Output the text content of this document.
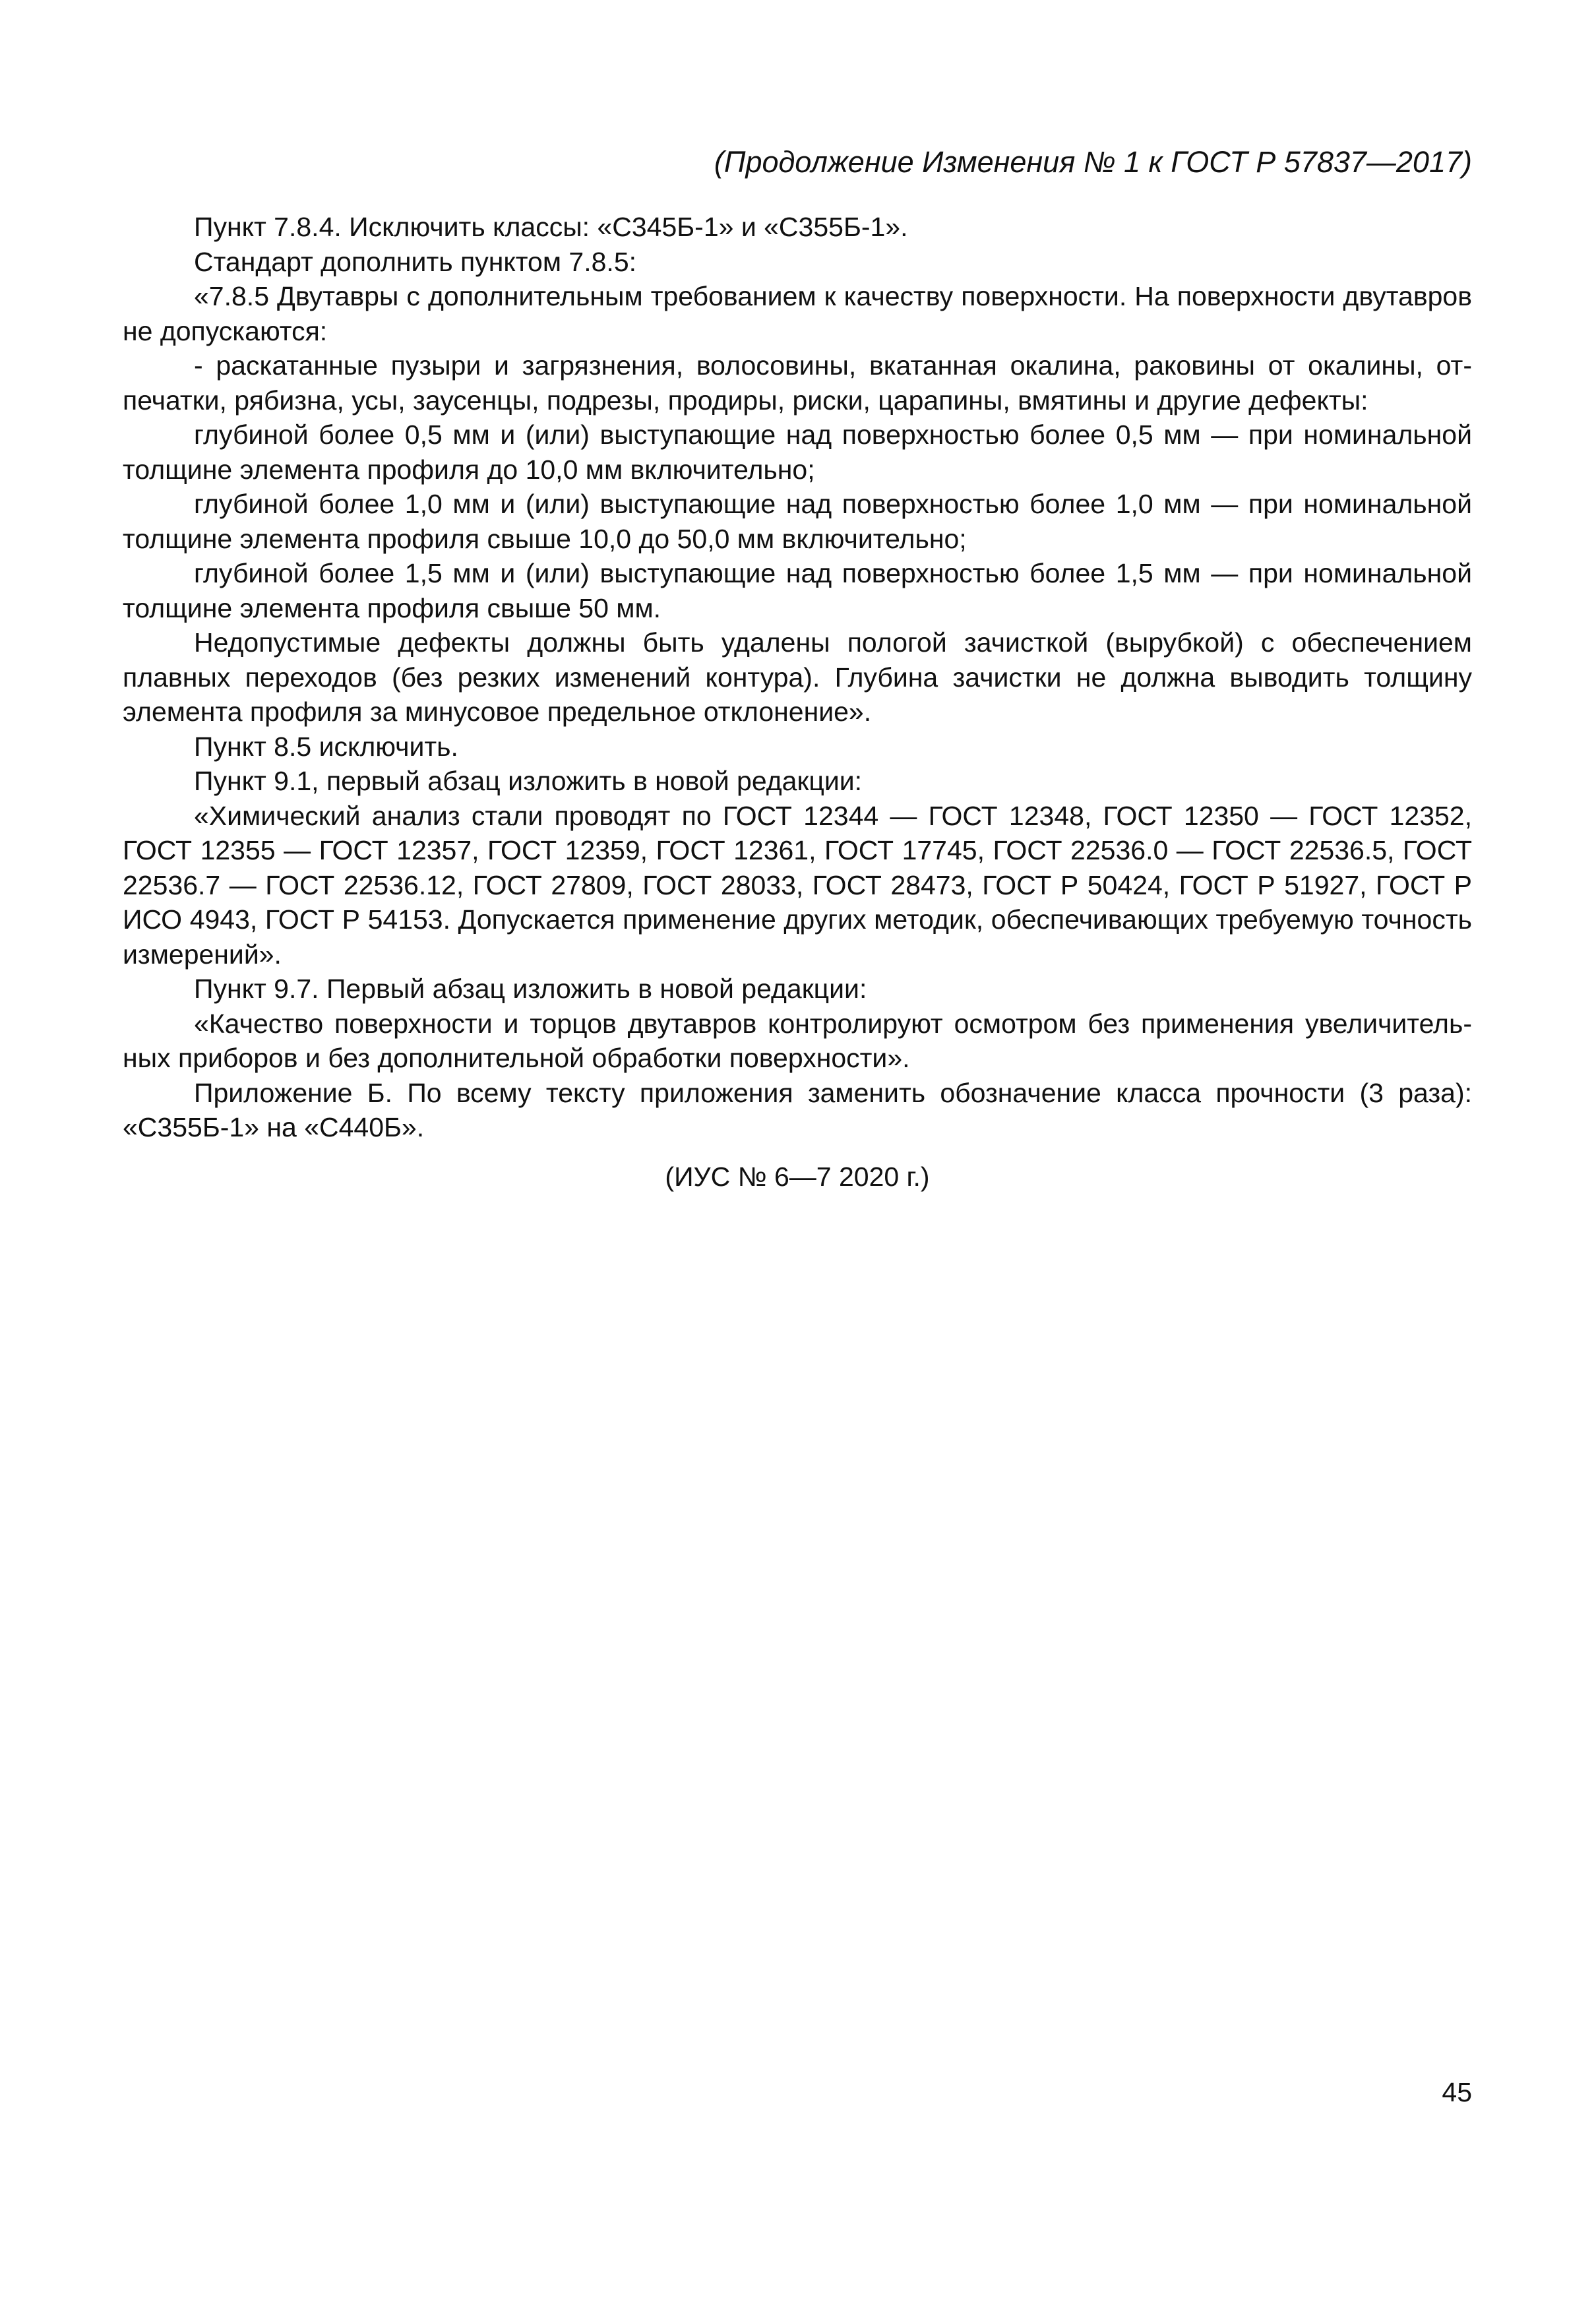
(Продолжение Изменения № 1 к ГОСТ Р 57837—2017)

Пункт 7.8.4. Исключить классы: «С345Б-1» и «С355Б-1».

Стандарт дополнить пунктом 7.8.5:

«7.8.5 Двутавры с дополнительным требованием к качеству поверхности. На поверхности двутавров не допускаются:

- раскатанные пузыри и загрязнения, волосовины, вкатанная окалина, раковины от окалины, отпечатки, рябизна, усы, заусенцы, подрезы, продиры, риски, царапины, вмятины и другие дефекты:

глубиной более 0,5 мм и (или) выступающие над поверхностью более 0,5 мм — при номинальной толщине элемента профиля до 10,0 мм включительно;

глубиной более 1,0 мм и (или) выступающие над поверхностью более 1,0 мм — при номинальной толщине элемента профиля свыше 10,0 до 50,0 мм включительно;

глубиной более 1,5 мм и (или) выступающие над поверхностью более 1,5 мм — при номинальной толщине элемента профиля свыше 50 мм.

Недопустимые дефекты должны быть удалены пологой зачисткой (вырубкой) с обеспечением плавных переходов (без резких изменений контура). Глубина зачистки не должна выводить толщину элемента профиля за минусовое предельное отклонение».

Пункт 8.5 исключить.

Пункт 9.1, первый абзац изложить в новой редакции:

«Химический анализ стали проводят по ГОСТ 12344 — ГОСТ 12348, ГОСТ 12350 — ГОСТ 12352, ГОСТ 12355 — ГОСТ 12357, ГОСТ 12359, ГОСТ 12361, ГОСТ 17745, ГОСТ 22536.0 — ГОСТ 22536.5, ГОСТ 22536.7 — ГОСТ 22536.12, ГОСТ 27809, ГОСТ 28033, ГОСТ 28473, ГОСТ Р 50424, ГОСТ Р 51927, ГОСТ Р ИСО 4943, ГОСТ Р 54153. Допускается применение других методик, обеспечивающих требуемую точность измерений».

Пункт 9.7. Первый абзац изложить в новой редакции:

«Качество поверхности и торцов двутавров контролируют осмотром без применения увеличительных приборов и без дополнительной обработки поверхности».

Приложение Б. По всему тексту приложения заменить обозначение класса прочности (3 раза): «С355Б-1» на «С440Б».

(ИУС № 6—7 2020 г.)
45
